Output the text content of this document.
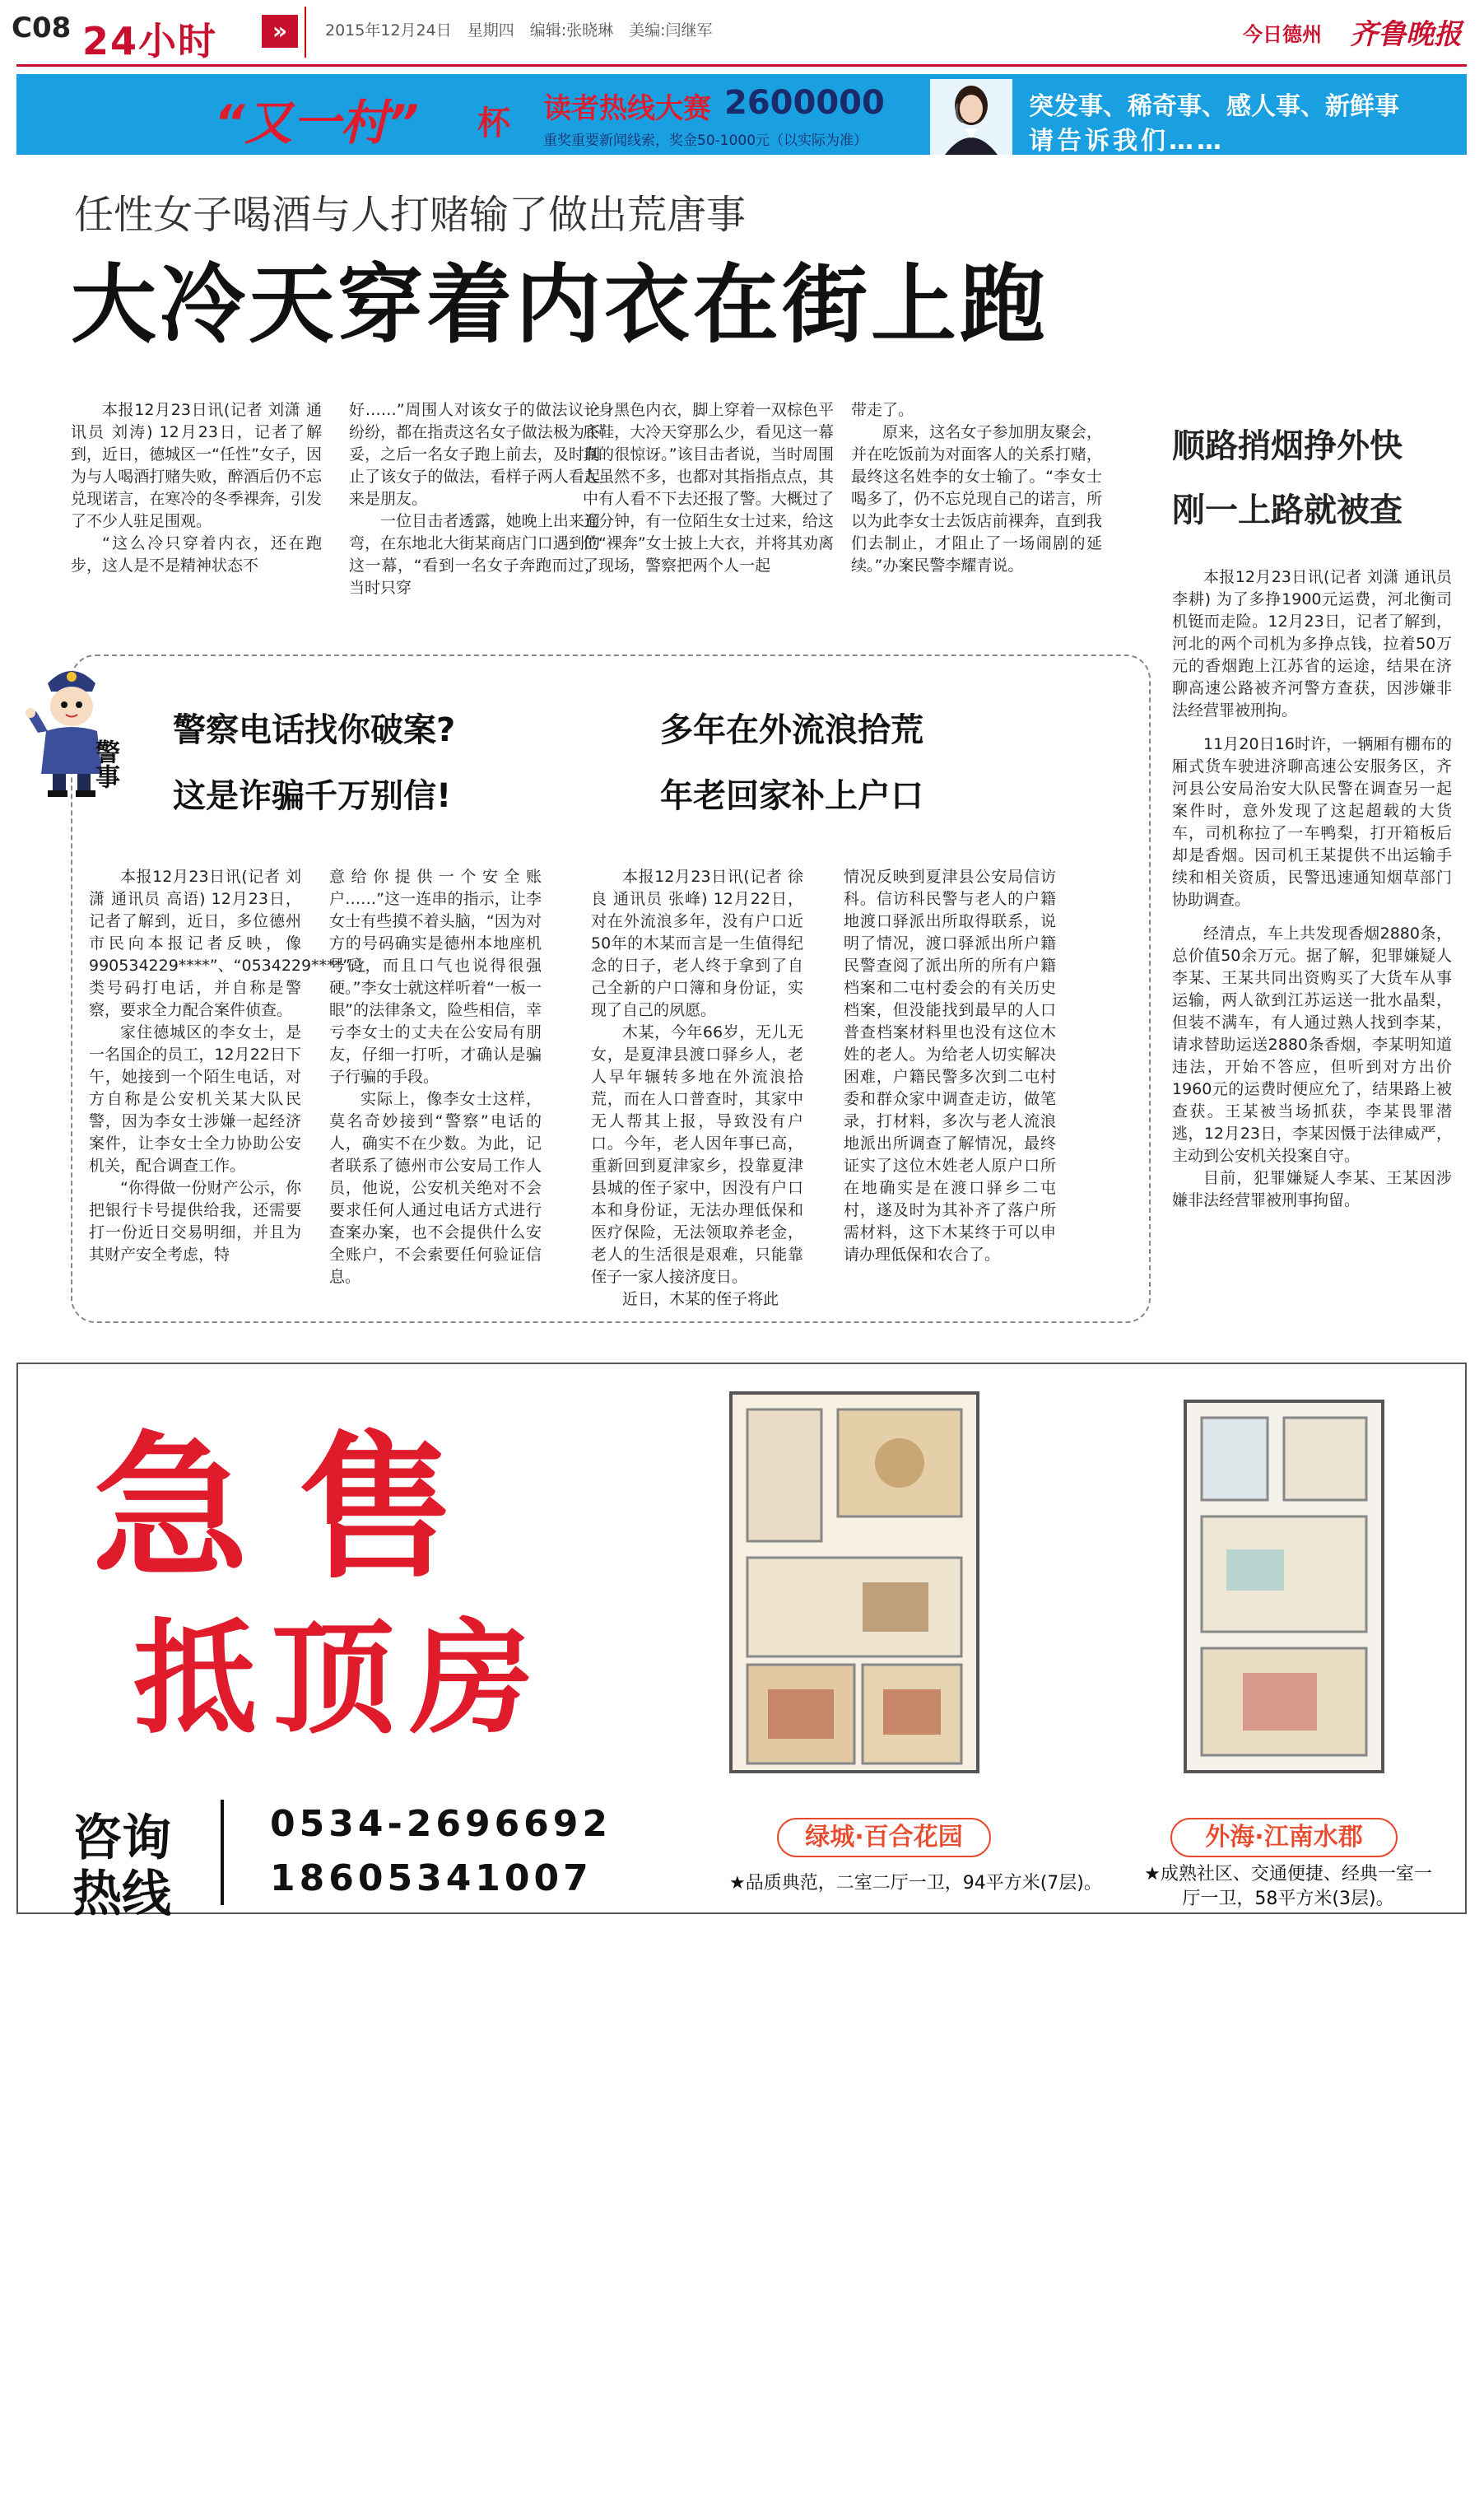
C08 24小时	»	2015年12月24日　星期四　编辑:张晓琳　美编:闫继军	今日德州 齐鲁晚报
“又一村” 杯 读者热线大赛 2600000
重奖重要新闻线索，奖金50-1000元（以实际为准）
突发事、稀奇事、感人事、新鲜事
请告诉我们……
任性女子喝酒与人打赌输了做出荒唐事
大冷天穿着内衣在街上跑

本报12月23日讯(记者 刘潇 通讯员 刘涛) 12月23日，记者了解到，近日，德城区一“任性”女子，因为与人喝酒打赌失败，醉酒后仍不忘兑现诺言，在寒冷的冬季裸奔，引发了不少人驻足围观。

“这么冷只穿着内衣，还在跑步，这人是不是精神状态不

好……”周围人对该女子的做法议论纷纷，都在指责这名女子做法极为不妥，之后一名女子跑上前去，及时制止了该女子的做法，看样子两人看起来是朋友。

一位目击者透露，她晚上出来遛弯，在东地北大街某商店门口遇到的这一幕，“看到一名女子奔跑而过，当时只穿

一身黑色内衣，脚上穿着一双棕色平底鞋，大冷天穿那么少，看见这一幕真的很惊讶。”该目击者说，当时周围人虽然不多，也都对其指指点点，其中有人看不下去还报了警。大概过了五分钟，有一位陌生女士过来，给这位“裸奔”女士披上大衣，并将其劝离了现场，警察把两个人一起

带走了。

原来，这名女子参加朋友聚会，并在吃饭前为对面客人的关系打赌，最终这名姓李的女士输了。“李女士喝多了，仍不忘兑现自己的诺言，所以为此李女士去饭店前裸奔，直到我们去制止，才阻止了一场闹剧的延续。”办案民警李耀青说。

顺路捎烟挣外快
刚一上路就被查

本报12月23日讯(记者 刘潇 通讯员 李耕) 为了多挣1900元运费，河北衡司机铤而走险。12月23日，记者了解到，河北的两个司机为多挣点钱，拉着50万元的香烟跑上江苏省的运途，结果在济聊高速公路被齐河警方查获，因涉嫌非法经营罪被刑拘。

11月20日16时许，一辆厢有棚布的厢式货车驶进济聊高速公安服务区，齐河县公安局治安大队民警在调查另一起案件时，意外发现了这起超载的大货车，司机称拉了一车鸭梨，打开箱板后却是香烟。因司机王某提供不出运输手续和相关资质，民警迅速通知烟草部门协助调查。

经清点，车上共发现香烟2880条，总价值50余万元。据了解，犯罪嫌疑人李某、王某共同出资购买了大货车从事运输，两人欲到江苏运送一批水晶梨，但装不满车，有人通过熟人找到李某，请求替助运送2880条香烟，李某明知道违法，开始不答应，但听到对方出价1960元的运费时便应允了，结果路上被查获。王某被当场抓获，李某畏罪潜逃，12月23日，李某因慑于法律威严，主动到公安机关投案自守。

目前，犯罪嫌疑人李某、王某因涉嫌非法经营罪被刑事拘留。

警事
警察电话找你破案?
这是诈骗千万别信!
多年在外流浪拾荒
年老回家补上户口

本报12月23日讯(记者 刘潇 通讯员 高语) 12月23日，记者了解到，近日，多位德州市民向本报记者反映，像990534229****”、“0534229****”之类号码打电话，并自称是警察，要求全力配合案件侦查。

家住德城区的李女士，是一名国企的员工，12月22日下午，她接到一个陌生电话，对方自称是公安机关某大队民警，因为李女士涉嫌一起经济案件，让李女士全力协助公安机关，配合调查工作。

“你得做一份财产公示，你把银行卡号提供给我，还需要打一份近日交易明细，并且为其财产安全考虑，特

意给你提供一个安全账户……”这一连串的指示，让李女士有些摸不着头脑，“因为对方的号码确实是德州本地座机号码，而且口气也说得很强硬。”李女士就这样听着“一板一眼”的法律条文，险些相信，幸亏李女士的丈夫在公安局有朋友，仔细一打听，才确认是骗子行骗的手段。

实际上，像李女士这样，莫名奇妙接到“警察”电话的人，确实不在少数。为此，记者联系了德州市公安局工作人员，他说，公安机关绝对不会要求任何人通过电话方式进行查案办案，也不会提供什么安全账户，不会索要任何验证信息。

本报12月23日讯(记者 徐良 通讯员 张峰) 12月22日，对在外流浪多年，没有户口近50年的木某而言是一生值得纪念的日子，老人终于拿到了自己全新的户口簿和身份证，实现了自己的夙愿。

木某，今年66岁，无儿无女，是夏津县渡口驿乡人，老人早年辗转多地在外流浪拾荒，而在人口普查时，其家中无人帮其上报，导致没有户口。今年，老人因年事已高，重新回到夏津家乡，投靠夏津县城的侄子家中，因没有户口本和身份证，无法办理低保和医疗保险，无法领取养老金，老人的生活很是艰难，只能靠侄子一家人接济度日。

近日，木某的侄子将此

情况反映到夏津县公安局信访科。信访科民警与老人的户籍地渡口驿派出所取得联系，说明了情况，渡口驿派出所户籍民警查阅了派出所的所有户籍档案和二屯村委会的有关历史档案，但没能找到最早的人口普查档案材料里也没有这位木姓的老人。为给老人切实解决困难，户籍民警多次到二屯村委和群众家中调查走访，做笔录，打材料，多次与老人流浪地派出所调查了解情况，最终证实了这位木姓老人原户口所在地确实是在渡口驿乡二屯村，遂及时为其补齐了落户所需材料，这下木某终于可以申请办理低保和农合了。

急售
抵顶房
咨询
热线
0534-2696692
18605341007
绿城·百合花园	外海·江南水郡
★品质典范，二室二厅一卫，94平方米(7层)。 ★成熟社区、交通便捷、经典一室一厅一卫，58平方米(3层)。
